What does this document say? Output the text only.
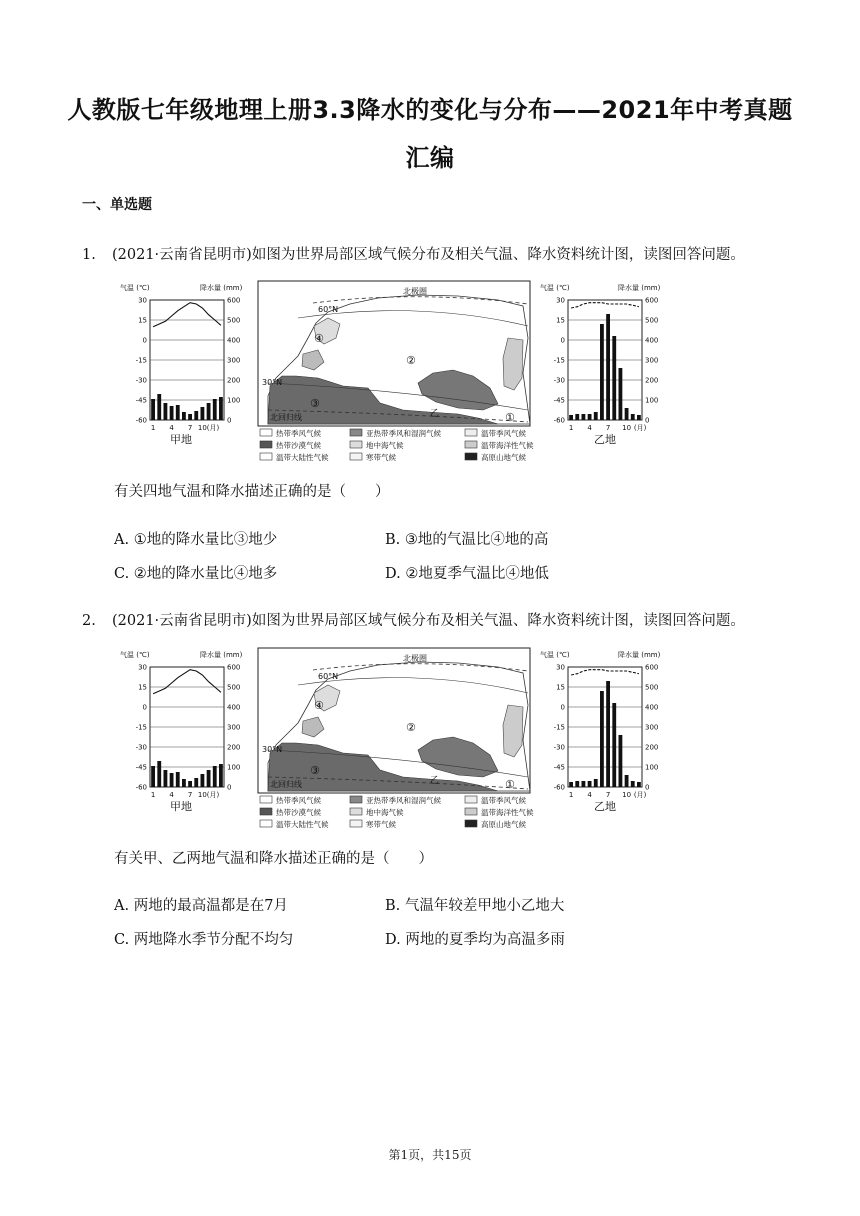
人教版七年级地理上册3.3降水的变化与分布——2021年中考真题汇编
一、单选题
1. (2021·云南省昆明市)如图为世界局部区域气候分布及相关气温、降水资料统计图，读图回答问题。
气温 (℃)	降水量 (mm)
30
15
0
-15
-30
-45
-60
600
500
400
300
200
100
0
1 4 7 10(月)
甲地
气温 (℃)	降水量 (mm)
30
15
0
-15
-30
-45
-60
600
500
400
300
200
100
0
1 4 7 10 (月)
乙地
北极圈
60°N
30°N
北回归线
②
④
③
①
乙
热带季风气候	亚热带季风和湿润气候	温带季风气候
热带沙漠气候	地中海气候	温带海洋性气候
温带大陆性气候	寒带气候	高原山地气候
有关四地气温和降水描述正确的是（　　）
A. ①地的降水量比③地少	B. ③地的气温比④地的高
C. ②地的降水量比④地多	D. ②地夏季气温比④地低
2. (2021·云南省昆明市)如图为世界局部区域气候分布及相关气温、降水资料统计图，读图回答问题。
气温 (℃)	降水量 (mm)
30
15
0
-15
-30
-45
-60
600
500
400
300
200
100
0
1 4 7 10(月)
甲地
气温 (℃)	降水量 (mm)
30
15
0
-15
-30
-45
-60
600
500
400
300
200
100
0
1 4 7 10 (月)
乙地
北极圈
60°N
30°N
北回归线
②
④
③
①
乙
热带季风气候	亚热带季风和湿润气候	温带季风气候
热带沙漠气候	地中海气候	温带海洋性气候
温带大陆性气候	寒带气候	高原山地气候
有关甲、乙两地气温和降水描述正确的是（　　）
A. 两地的最高温都是在7月	B. 气温年较差甲地小乙地大
C. 两地降水季节分配不均匀	D. 两地的夏季均为高温多雨
第1页，共15页
